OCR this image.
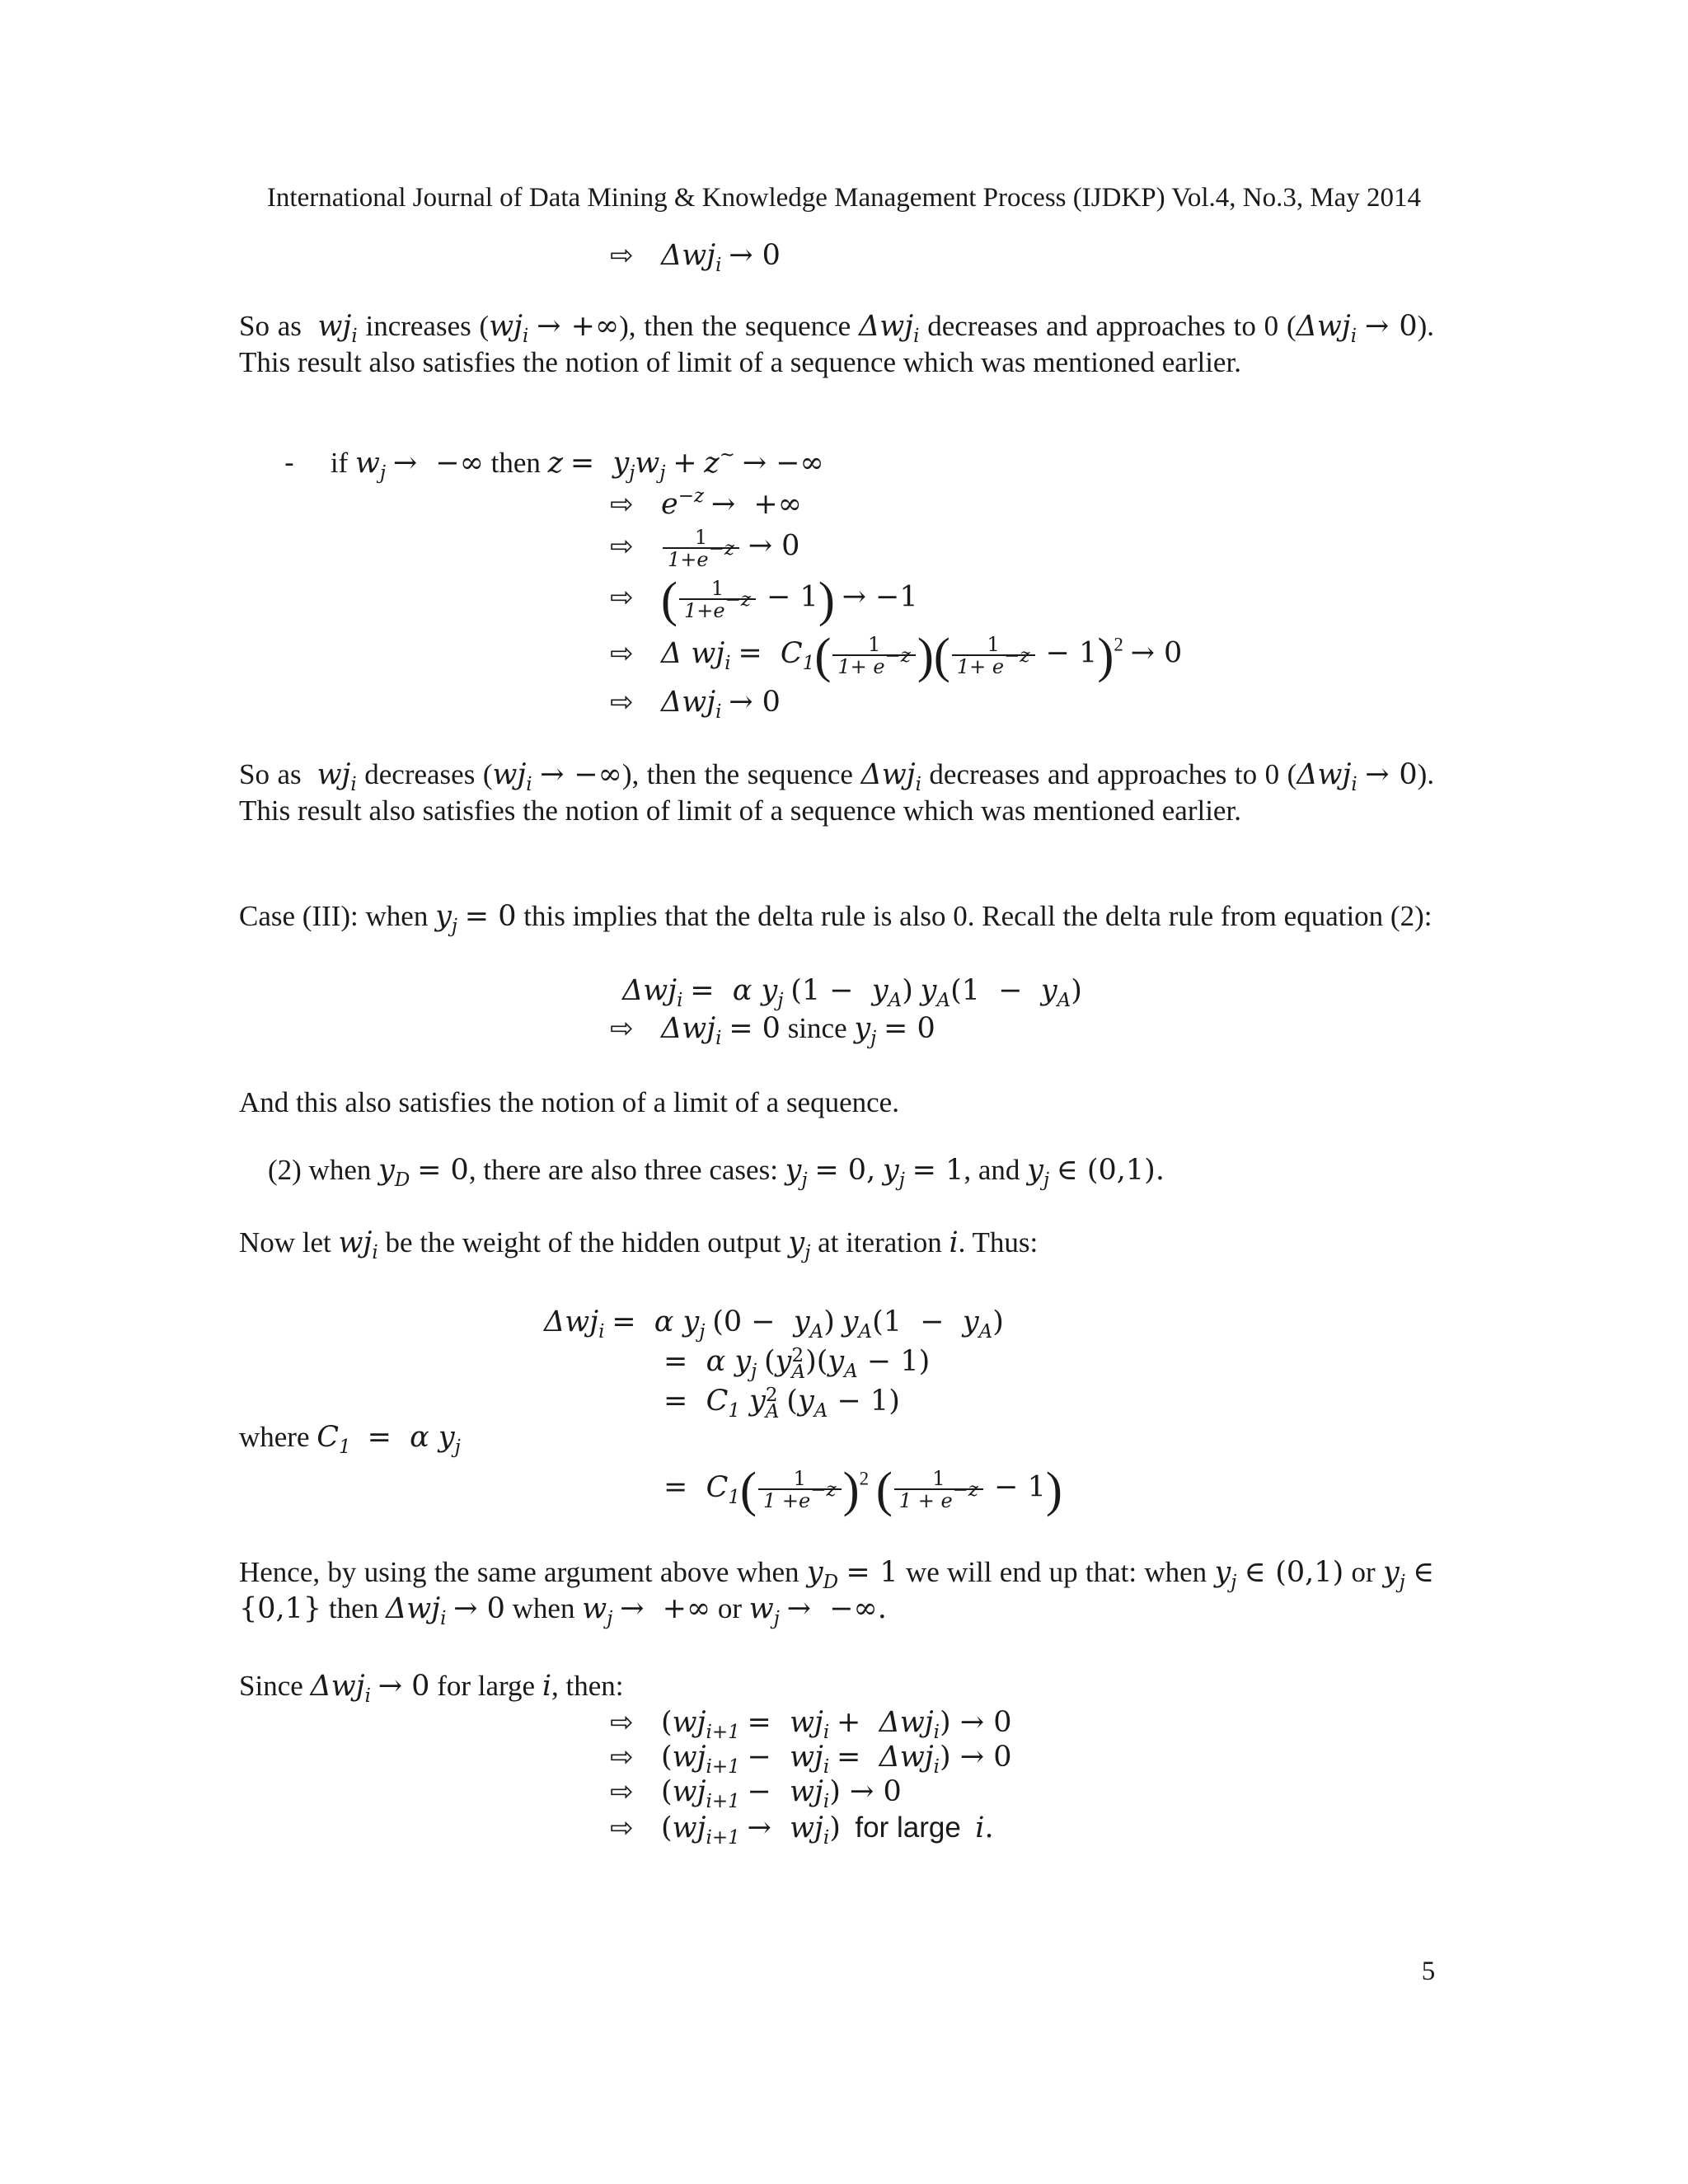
International Journal of Data Mining & Knowledge Management Process (IJDKP) Vol.4, No.3, May 2014
⇨ Δwj$_i$ → 0
So as $wj_i$ increases ($wj_i$ → +∞), then the sequence Δwj$_i$ decreases and approaches to 0 (Δwj$_i$ → 0). This result also satisfies the notion of limit of a sequence which was mentioned earlier.
- if $w_j$ →  −∞ then $z = y_jw_j + z^\sim$ → −∞
⇨ $e^{-z}$ →  +∞
⇨ $\frac{1}{1+e^{-z}} \to 0$
⇨ ( $\frac{1}{1+e^{-z}} - 1) \to -1$
⇨ Δ $wj_i = C_1( \frac{1}{1+ e^{-z}}$ )( $\frac{1}{1+ e^{-z}} - 1)^2 \to 0$
⇨ Δwj$_i$ → 0
So as $wj_i$ decreases ($wj_i$ → −∞), then the sequence Δwj$_i$ decreases and approaches to 0 (Δwj$_i$ → 0). This result also satisfies the notion of limit of a sequence which was mentioned earlier.
Case (III): when $y_j = 0$ this implies that the delta rule is also 0. Recall the delta rule from equation (2):
Δwj$_i$ =  α $y_j$ $(1 - y_A)$ $y_A(1 - y_A)$
⇨ Δwj$_i$ = 0 since $y_j = 0$
And this also satisfies the notion of a limit of a sequence.
(2) when $y_D = 0$, there are also three cases: $y_j = 0$, $y_j = 1$, and $y_j$ ∈ (0,1).
Now let $wj_i$ be the weight of the hidden output $y_j$ at iteration i. Thus:
Δwj$_i$ =  α $y_j$ $(0 - y_A)$ $y_A(1 - y_A)$
=  α $y_j$ (y 2
A )$(y_A - 1)$
=  $C_1$ y 2
A $(y_A - 1)$
where $C_1 = \alpha$ $y_j$
=  $C_1( \frac{1}{1 +e^{-z}} )^2$ ( $\frac{1}{1 + e^{-z}} - 1$)
Hence, by using the same argument above when $y_D = 1$ we will end up that: when $y_j$ ∈ (0,1) or $y_j$ ∈ {0,1} then Δwj$_i$ → 0 when $w_j$ →  +∞ or $w_j$ →  −∞.
Since Δwj$_i$ → 0 for large i, then:
⇨ $(wj_{i+1} = wj_i + \Delta wj_i) \to 0$
⇨ $(wj_{i+1} - wj_i = \Delta wj_i) \to 0$
⇨ $(wj_{i+1} - wj_i) \to 0$
⇨ $(wj_{i+1} \to wj_i)$ for large i.
5
